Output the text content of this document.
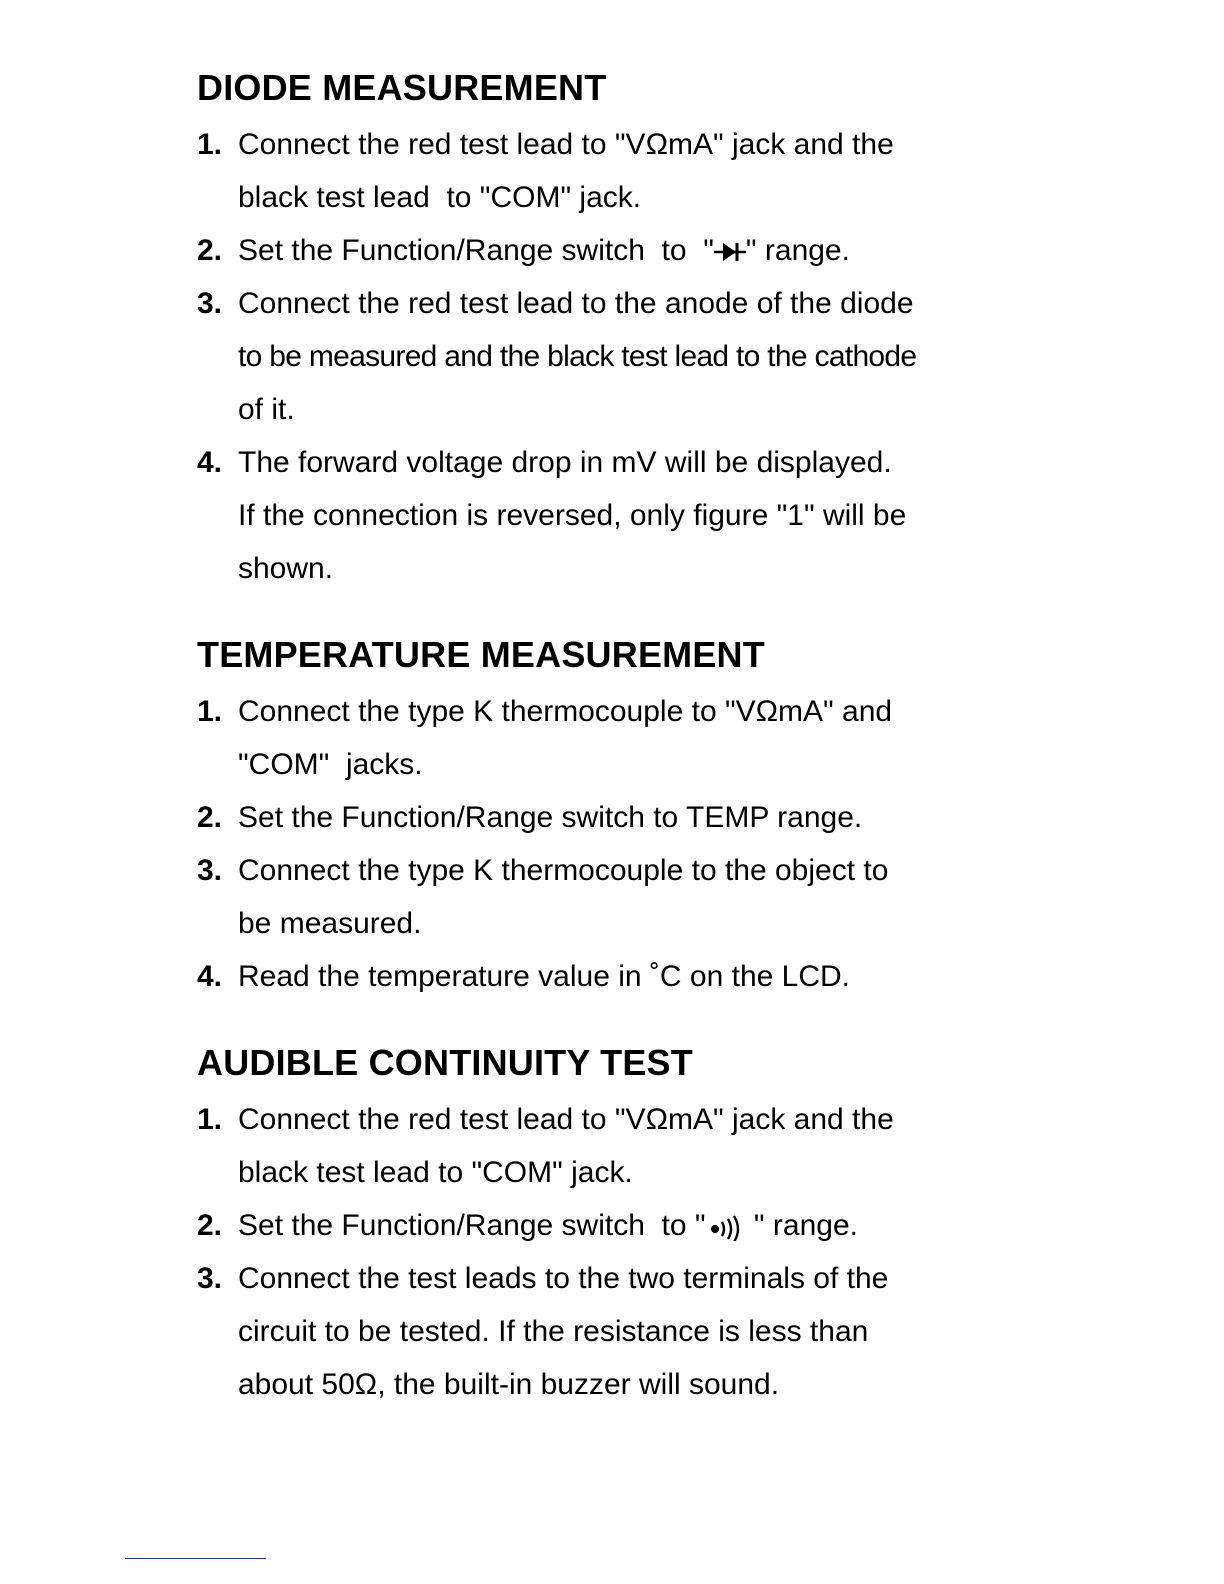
DIODE MEASUREMENT
1. Connect the red test lead to "VΩmA" jack and the
black test lead  to "COM" jack.
2. Set the Function/Range switch  to  " " range.
3. Connect the red test lead to the anode of the diode
to be measured and the black test lead to the cathode
of it.
4. The forward voltage drop in mV will be displayed.
If the connection is reversed, only figure "1" will be
shown.
TEMPERATURE MEASUREMENT
1. Connect the type K thermocouple to "VΩmA" and
"COM"  jacks.
2. Set the Function/Range switch to TEMP range.
3. Connect the type K thermocouple to the object to
be measured.
4. Read the temperature value in ˚C on the LCD.
AUDIBLE CONTINUITY TEST
1. Connect the red test lead to "VΩmA" jack and the
black test lead to "COM" jack.
2. Set the Function/Range switch  to " " range.
3. Connect the test leads to the two terminals of the
circuit to be tested. If the resistance is less than
about 50Ω, the built-in buzzer will sound.
